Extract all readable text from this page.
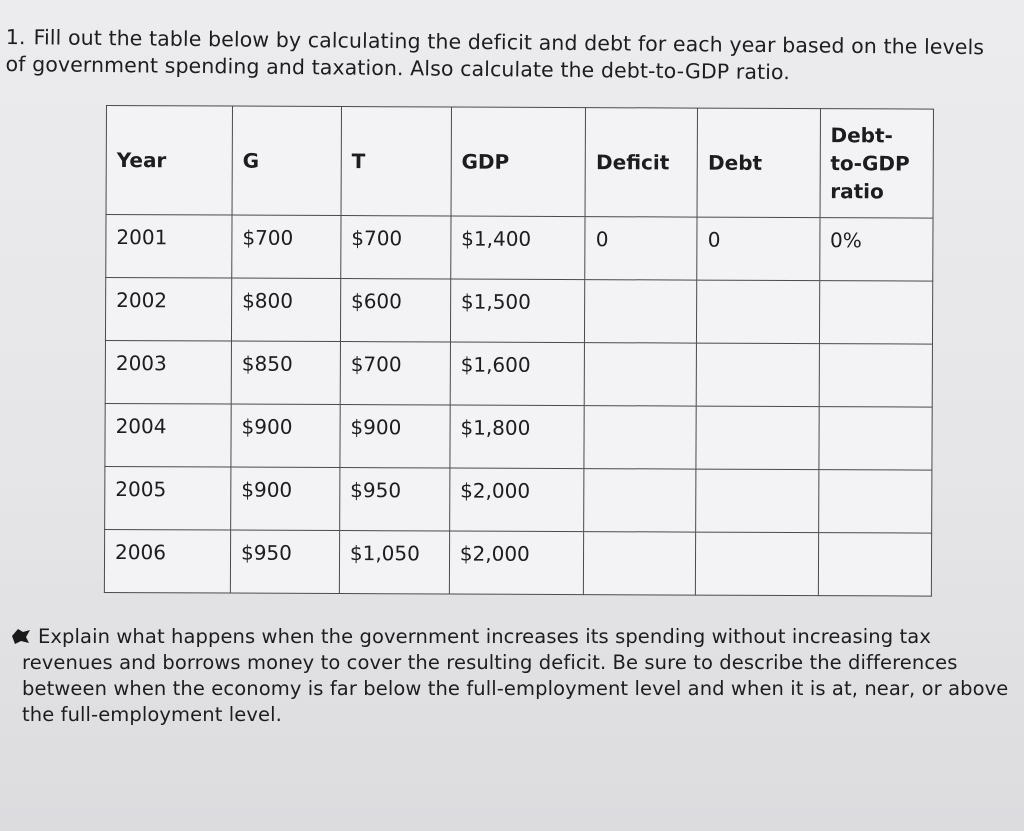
1. Fill out the table below by calculating the deficit and debt for each year based on the levels of government spending and taxation. Also calculate the debt-to-GDP ratio.
Year	G	T	GDP	Deficit	Debt	Debt-
to-GDP
ratio
2001	$700	$700	$1,400	0	0	0%
2002	$800	$600	$1,500			
2003	$850	$700	$1,600			
2004	$900	$900	$1,800			
2005	$900	$950	$2,000			
2006	$950	$1,050	$2,000			
Explain what happens when the government increases its spending without increasing tax revenues and borrows money to cover the resulting deficit. Be sure to describe the differences between when the economy is far below the full-employment level and when it is at, near, or above the full-employment level.
